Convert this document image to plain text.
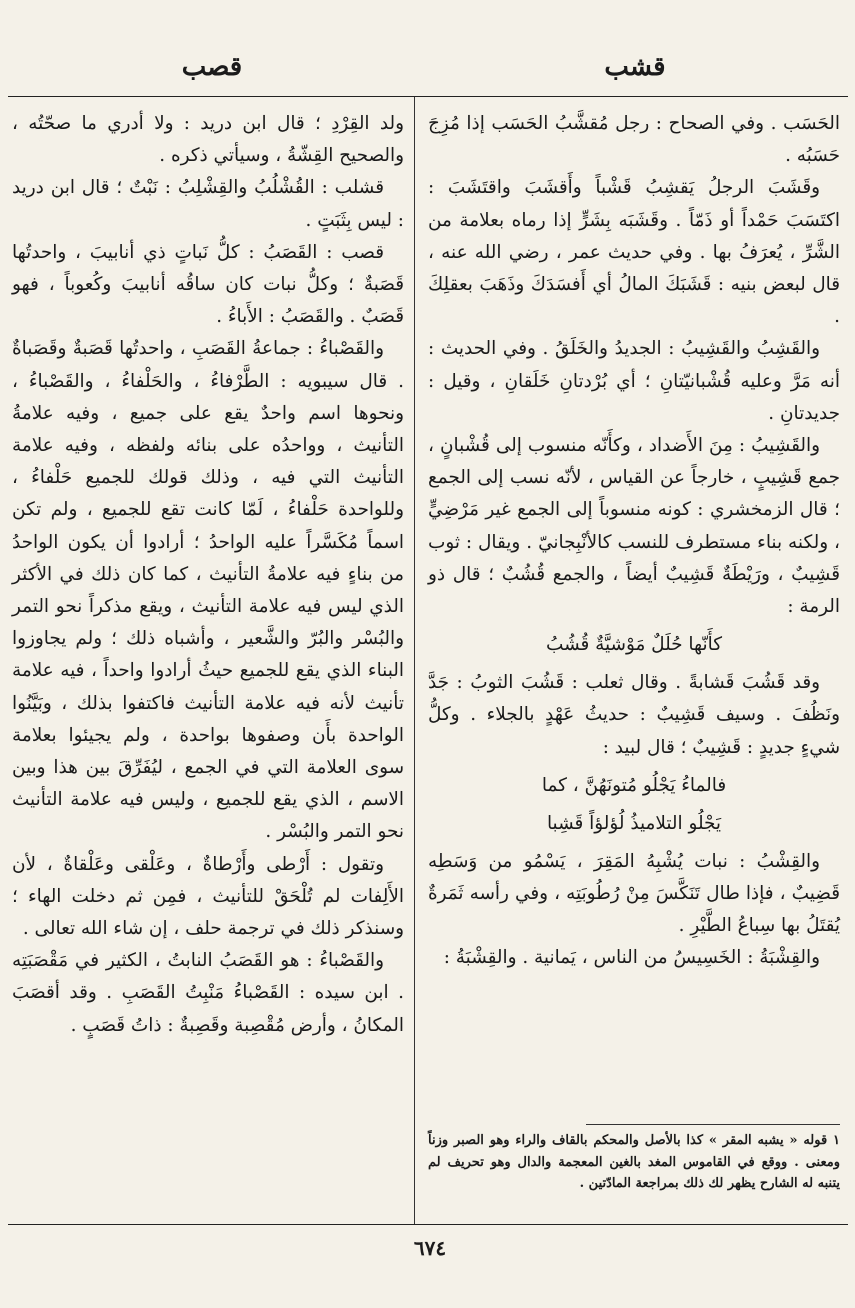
قشب
قصب

الحَسَب . وفي الصحاح : رجل مُقشَّبُ الحَسَب إذا مُزِجَ حَسَبُه .

وقَشَبَ الرجلُ يَقشِبُ قَشْباً وأَقشَبَ واقتَشَبَ : اكتَسَبَ حَمْداً أو ذَمّاً . وقَشَبَه بِشَرٍّ إذا رماه بعلامة من الشَّرِّ ، يُعرَفُ بها . وفي حديث عمر ، رضي الله عنه ، قال لبعض بنيه : قَشَبَكَ المالُ أي أَفسَدَكَ وذَهَبَ بعقلِكَ .

والقَشِبُ والقَشِيبُ : الجديدُ والخَلَقُ . وفي الحديث : أنه مَرَّ وعليه قُشْبانيّتانِ ؛ أي بُرْدتانِ خَلَقانِ ، وقيل : جديدتانِ .

والقَشِيبُ : مِنَ الأَضداد ، وكأَنّه منسوب إلى قُشْبانٍ ، جمع قَشِيبٍ ، خارجاً عن القياس ، لأنّه نسب إلى الجمع ؛ قال الزمخشري : كونه منسوباً إلى الجمع غير مَرْضِيٍّ ، ولكنه بناء مستطرف للنسب كالأنْبِجانيّ . ويقال : ثوب قَشِيبٌ ، ورَيْطَةٌ قَشِيبٌ أيضاً ، والجمع قُشُبٌ ؛ قال ذو الرمة :

كأَنّها حُلَلٌ مَوْشيَّةٌ قُشُبُ

وقد قَشُبَ قَشابةً . وقال ثعلب : قَشُبَ الثوبُ : جَدَّ ونَظُفَ . وسيف قَشِيبٌ : حديثُ عَهْدٍ بالجلاء . وكلُّ شيءٍ جديدٍ : قَشِيبٌ ؛ قال لبيد :

فالماءُ يَجْلُو مُتونَهُنَّ ، كما

يَجْلُو التلاميذُ لُؤلؤاً قَشِبا

والقِشْبُ : نبات يُشْبِهُ المَقِرَ ، يَسْمُو من وَسَطِه قَضِيبٌ ، فإذا طال تَنَكَّسَ مِنْ رُطُوبَتِه ، وفي رأسه ثَمَرةٌ يُقتَلُ بها سِباعُ الطَّيْرِ .

والقِشْبَةُ : الخَسِيسُ من الناس ، يَمانية . والقِشْبَةُ :

ولد القِرْدِ ؛ قال ابن دريد : ولا أدري ما صحّتُه ، والصحيح القِشّةُ ، وسيأتي ذكره .

قشلب : القُشْلُبُ والقِشْلِبُ : نَبْتٌ ؛ قال ابن دريد : ليس بِثَبَتٍ .

قصب : القَصَبُ : كلُّ نَباتٍ ذي أنابيبَ ، واحدتُها قَصَبةٌ ؛ وكلُّ نبات كان ساقُه أنابيبَ وكُعوباً ، فهو قَصَبٌ . والقَصَبُ : الأَباءُ .

والقَصْباءُ : جماعةُ القَصَبِ ، واحدتُها قَصَبةٌ وقَصَباةٌ . قال سيبويه : الطَّرْفاءُ ، والحَلْفاءُ ، والقَصْباءُ ، ونحوها اسم واحدٌ يقع على جميع ، وفيه علامةُ التأنيث ، وواحدُه على بنائه ولفظه ، وفيه علامة التأنيث التي فيه ، وذلك قولك للجميع حَلْفاءُ ، وللواحدة حَلْفاءُ ، لَمّا كانت تقع للجميع ، ولم تكن اسماً مُكَسَّراً عليه الواحدُ ؛ أرادوا أن يكون الواحدُ من بناءٍ فيه علامةُ التأنيث ، كما كان ذلك في الأكثر الذي ليس فيه علامة التأنيث ، ويقع مذكراً نحو التمر والبُسْر والبُرّ والشَّعير ، وأشباه ذلك ؛ ولم يجاوزوا البناء الذي يقع للجميع حيثُ أرادوا واحداً ، فيه علامة تأنيث لأنه فيه علامة التأنيث فاكتفوا بذلك ، وبَيَّنُوا الواحدة بأَن وصفوها بواحدة ، ولم يجيئوا بعلامة سوى العلامة التي في الجمع ، ليُفَرِّقَ بين هذا وبين الاسم ، الذي يقع للجميع ، وليس فيه علامة التأنيث نحو التمر والبُسْر .

وتقول : أَرْطى وأَرْطاةٌ ، وعَلْقى وعَلْقاةٌ ، لأن الأَلِفات لم تُلْحَقْ للتأنيث ، فمِن ثم دخلت الهاء ؛ وسنذكر ذلك في ترجمة حلف ، إن شاء الله تعالى .

والقَصْباءُ : هو القَصَبُ النابتُ ، الكثير في مَقْصَبَتِه . ابن سيده : القَصْباءُ مَنْبِتُ القَصَبِ . وقد أقصَبَ المكانُ ، وأرض مُقْصِبة وقَصِبةٌ : ذاتُ قَصَبٍ .

١ قوله « يشبه المقر » كذا بالأصل والمحكم بالقاف والراء وهو الصبر وزناً ومعنى . ووقع في القاموس المغد بالغين المعجمة والدال وهو تحريف لم يتنبه له الشارح يظهر لك ذلك بمراجعة المادّتين .
٦٧٤
